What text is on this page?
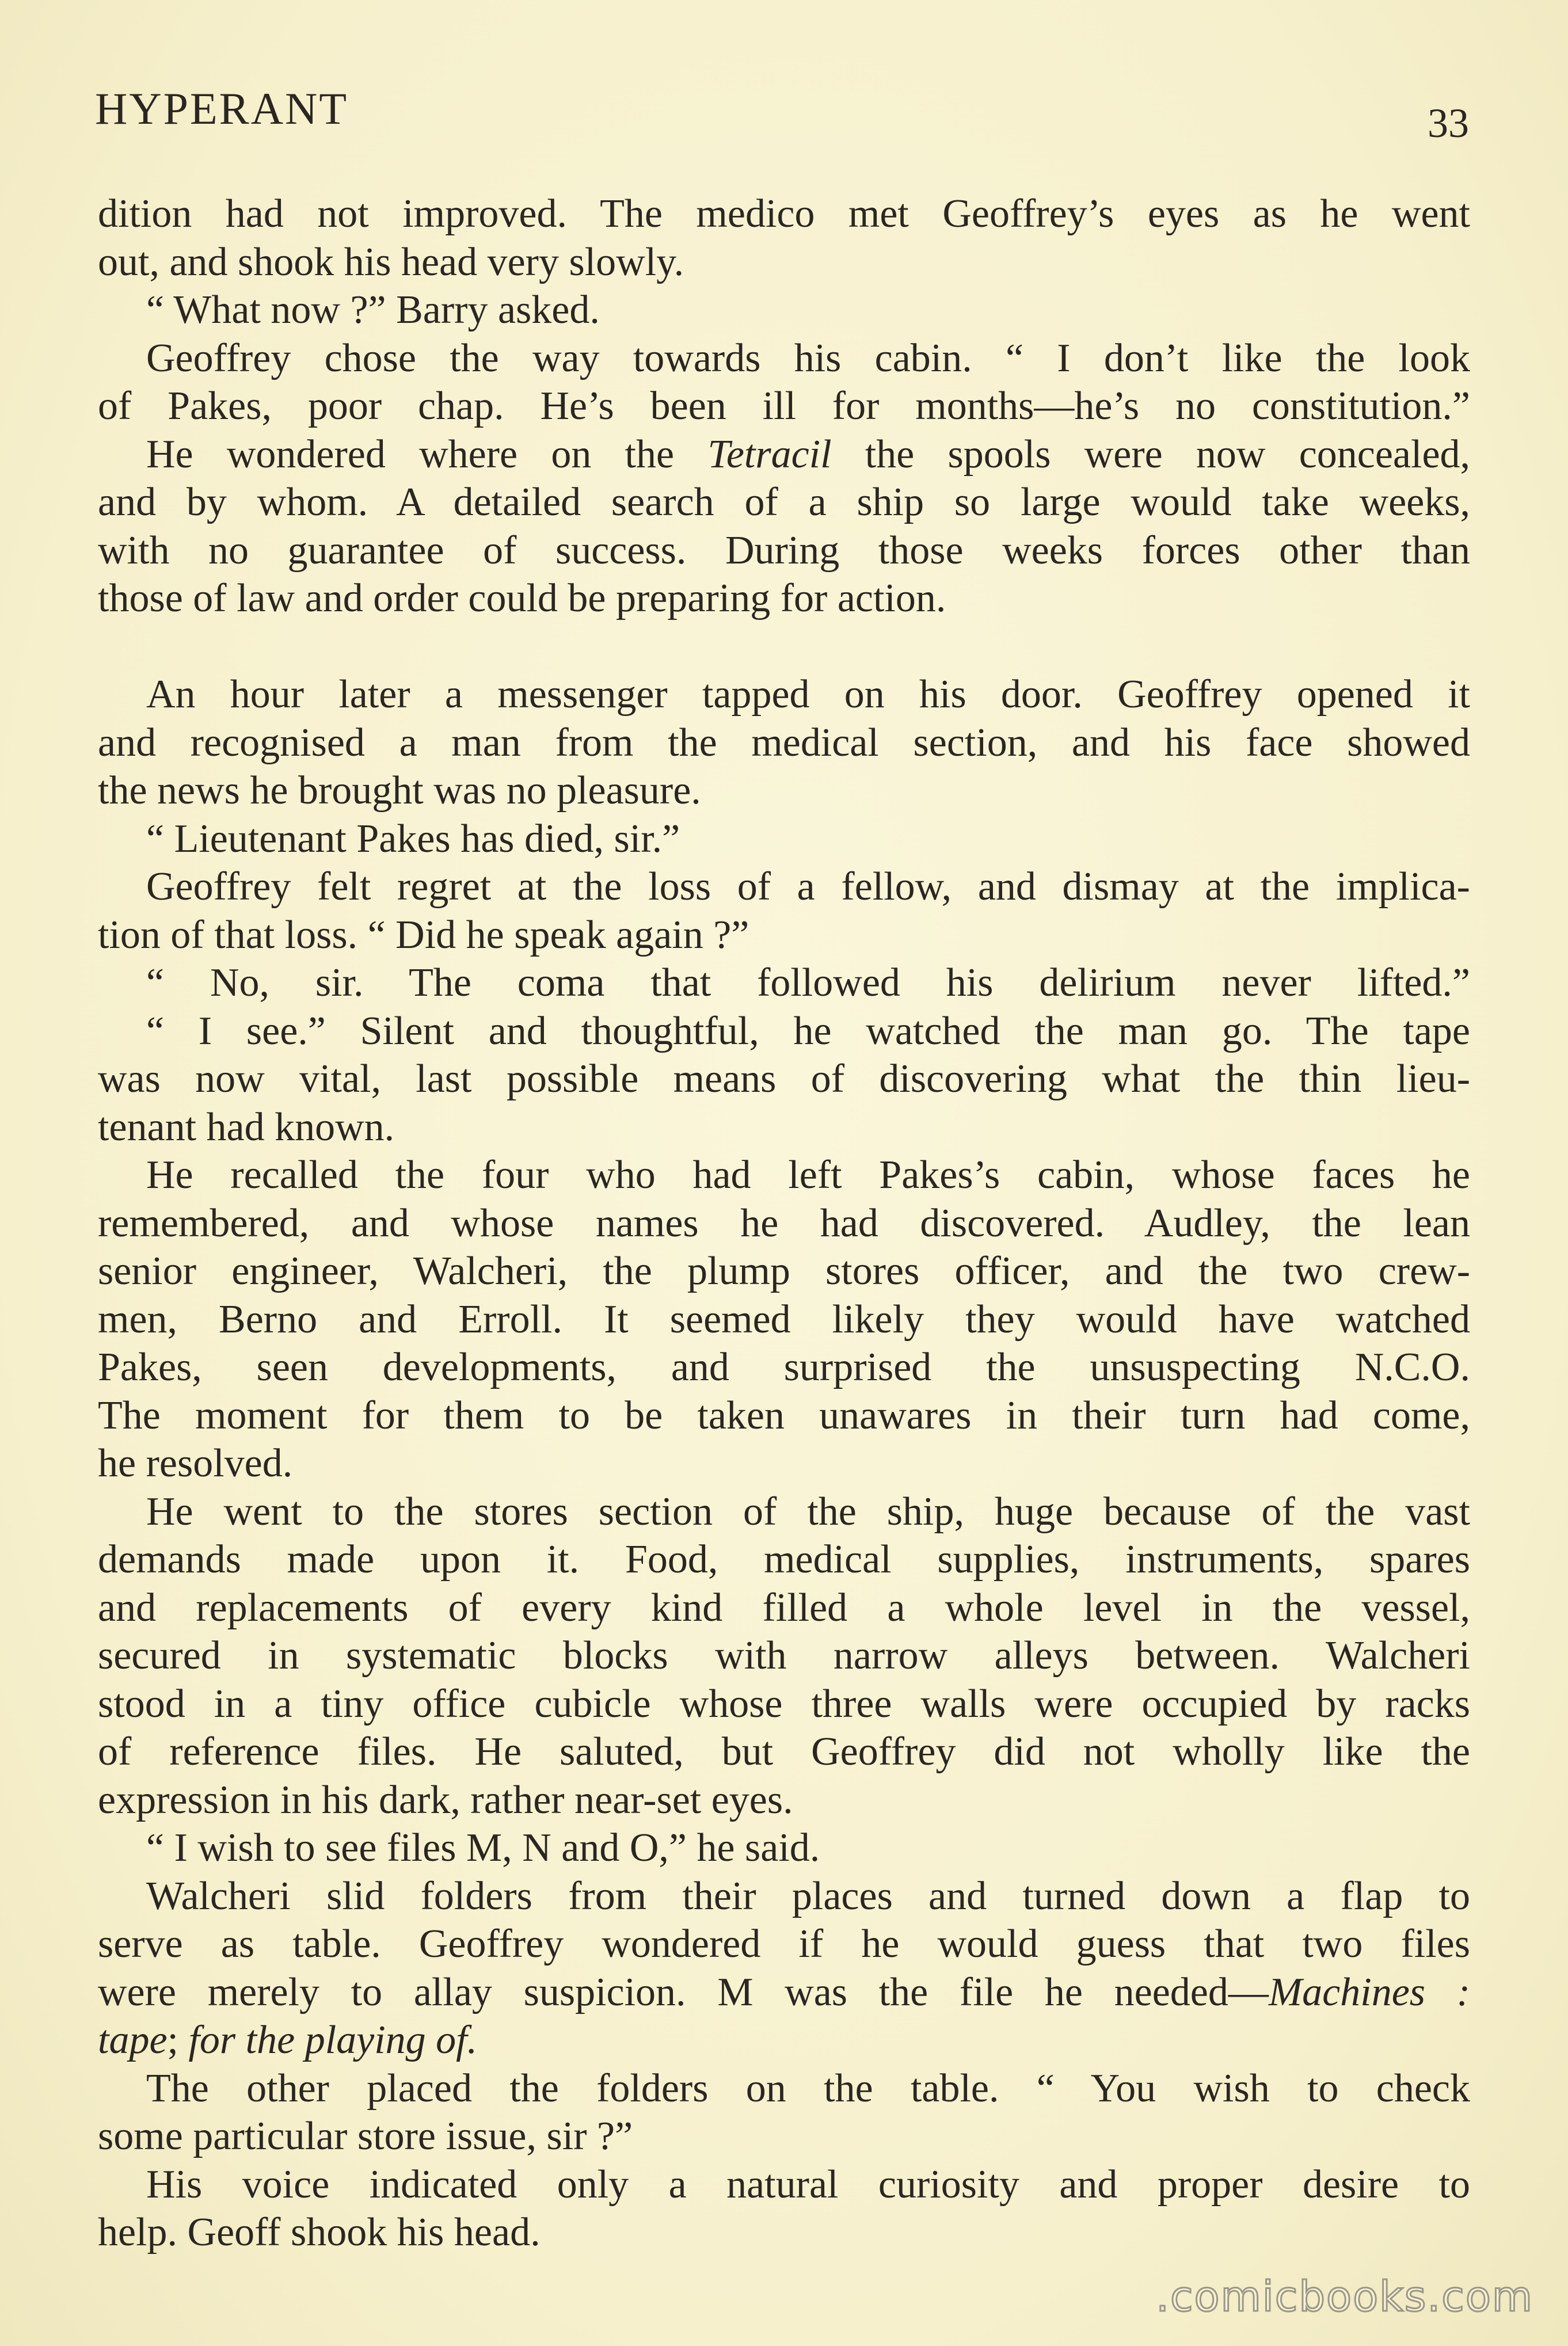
HYPERANT	33
dition had not improved. The medico met Geoffrey’s eyes as he went
out, and shook his head very slowly.
“ What now ?” Barry asked.
Geoffrey chose the way towards his cabin. “ I don’t like the look
of Pakes, poor chap. He’s been ill for months—he’s no constitution.”
He wondered where on the Tetracil the spools were now concealed,
and by whom. A detailed search of a ship so large would take weeks,
with no guarantee of success. During those weeks forces other than
those of law and order could be preparing for action.
An hour later a messenger tapped on his door. Geoffrey opened it
and recognised a man from the medical section, and his face showed
the news he brought was no pleasure.
“ Lieutenant Pakes has died, sir.”
Geoffrey felt regret at the loss of a fellow, and dismay at the implica-
tion of that loss. “ Did he speak again ?”
“ No, sir. The coma that followed his delirium never lifted.”
“ I see.” Silent and thoughtful, he watched the man go. The tape
was now vital, last possible means of discovering what the thin lieu-
tenant had known.
He recalled the four who had left Pakes’s cabin, whose faces he
remembered, and whose names he had discovered. Audley, the lean
senior engineer, Walcheri, the plump stores officer, and the two crew-
men, Berno and Erroll. It seemed likely they would have watched
Pakes, seen developments, and surprised the unsuspecting N.C.O.
The moment for them to be taken unawares in their turn had come,
he resolved.
He went to the stores section of the ship, huge because of the vast
demands made upon it. Food, medical supplies, instruments, spares
and replacements of every kind filled a whole level in the vessel,
secured in systematic blocks with narrow alleys between. Walcheri
stood in a tiny office cubicle whose three walls were occupied by racks
of reference files. He saluted, but Geoffrey did not wholly like the
expression in his dark, rather near-set eyes.
“ I wish to see files M, N and O,” he said.
Walcheri slid folders from their places and turned down a flap to
serve as table. Geoffrey wondered if he would guess that two files
were merely to allay suspicion. M was the file he needed—Machines :
tape; for the playing of.
The other placed the folders on the table. “ You wish to check
some particular store issue, sir ?”
His voice indicated only a natural curiosity and proper desire to
help. Geoff shook his head.
.comicbooks.com
